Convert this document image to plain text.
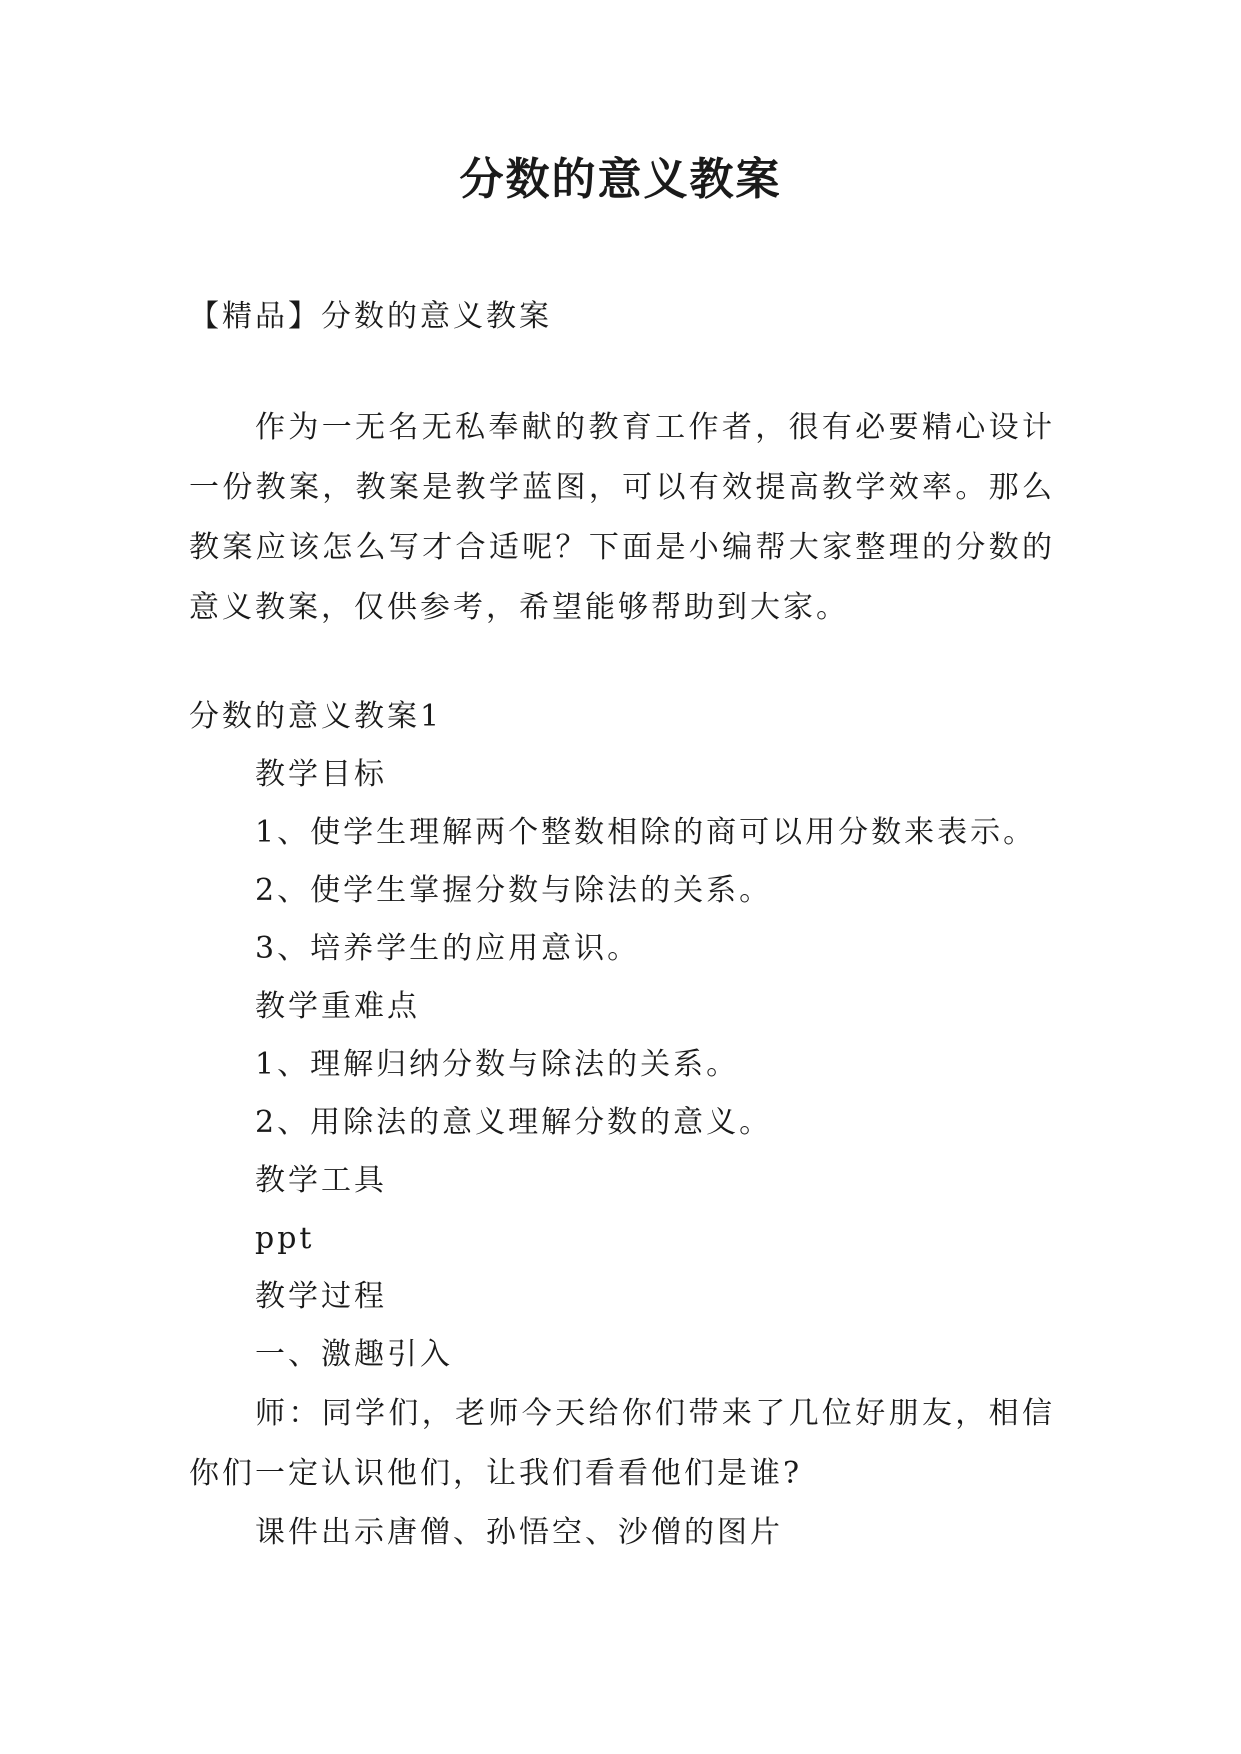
分数的意义教案
【精品】分数的意义教案

作为一无名无私奉献的教育工作者，很有必要精心设计一份教案，教案是教学蓝图，可以有效提高教学效率。那么教案应该怎么写才合适呢？下面是小编帮大家整理的分数的意义教案，仅供参考，希望能够帮助到大家。

分数的意义教案1
教学目标
1、使学生理解两个整数相除的商可以用分数来表示。
2、使学生掌握分数与除法的关系。
3、培养学生的应用意识。
教学重难点
1、理解归纳分数与除法的关系。
2、用除法的意义理解分数的意义。
教学工具
ppt
教学过程
一、激趣引入

师：同学们，老师今天给你们带来了几位好朋友，相信你们一定认识他们，让我们看看他们是谁?

课件出示唐僧、孙悟空、沙僧的图片
